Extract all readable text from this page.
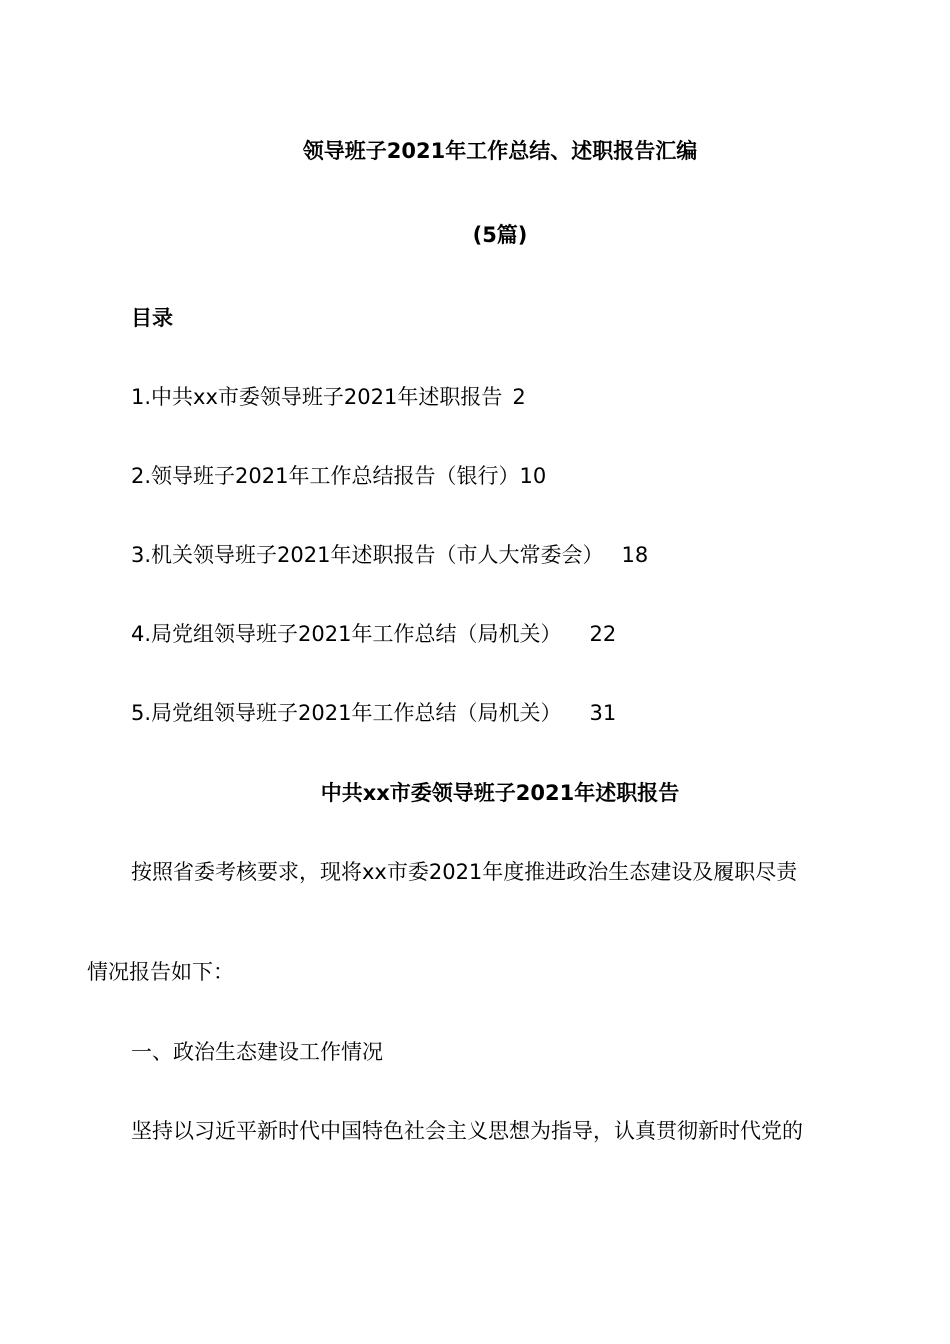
领导班子2021年工作总结、述职报告汇编
(5篇)
目录
1.中共xx市委领导班子2021年述职报告 2
2.领导班子2021年工作总结报告（银行）10
3.机关领导班子2021年述职报告（市人大常委会） 18
4.局党组领导班子2021年工作总结（局机关） 22
5.局党组领导班子2021年工作总结（局机关） 31
中共xx市委领导班子2021年述职报告
按照省委考核要求，现将xx市委2021年度推进政治生态建设及履职尽责
情况报告如下：
一、政治生态建设工作情况
坚持以习近平新时代中国特色社会主义思想为指导，认真贯彻新时代党的
